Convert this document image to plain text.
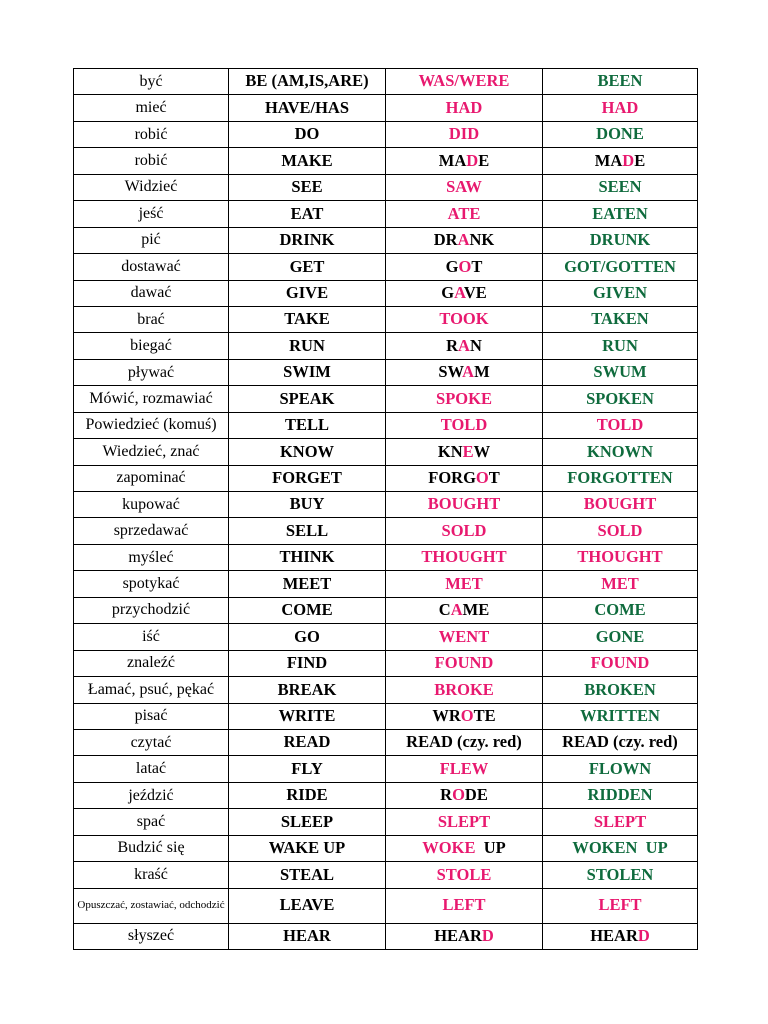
być	BE (AM,IS,ARE)	WAS/WERE	BEEN
mieć	HAVE/HAS	HAD	HAD
robić	DO	DID	DONE
robić	MAKE	MADE	MADE
Widzieć	SEE	SAW	SEEN
jeść	EAT	ATE	EATEN
pić	DRINK	DRANK	DRUNK
dostawać	GET	GOT	GOT/GOTTEN
dawać	GIVE	GAVE	GIVEN
brać	TAKE	TOOK	TAKEN
biegać	RUN	RAN	RUN
pływać	SWIM	SWAM	SWUM
Mówić, rozmawiać	SPEAK	SPOKE	SPOKEN
Powiedzieć (komuś)	TELL	TOLD	TOLD
Wiedzieć, znać	KNOW	KNEW	KNOWN
zapominać	FORGET	FORGOT	FORGOTTEN
kupować	BUY	BOUGHT	BOUGHT
sprzedawać	SELL	SOLD	SOLD
myśleć	THINK	THOUGHT	THOUGHT
spotykać	MEET	MET	MET
przychodzić	COME	CAME	COME
iść	GO	WENT	GONE
znaleźć	FIND	FOUND	FOUND
Łamać, psuć, pękać	BREAK	BROKE	BROKEN
pisać	WRITE	WROTE	WRITTEN
czytać	READ	READ (czy. red)	READ (czy. red)
latać	FLY	FLEW	FLOWN
jeździć	RIDE	RODE	RIDDEN
spać	SLEEP	SLEPT	SLEPT
Budzić się	WAKE UP	WOKE  UP	WOKEN  UP
kraść	STEAL	STOLE	STOLEN
Opuszczać, zostawiać, odchodzić	LEAVE	LEFT	LEFT
słyszeć	HEAR	HEARD	HEARD
